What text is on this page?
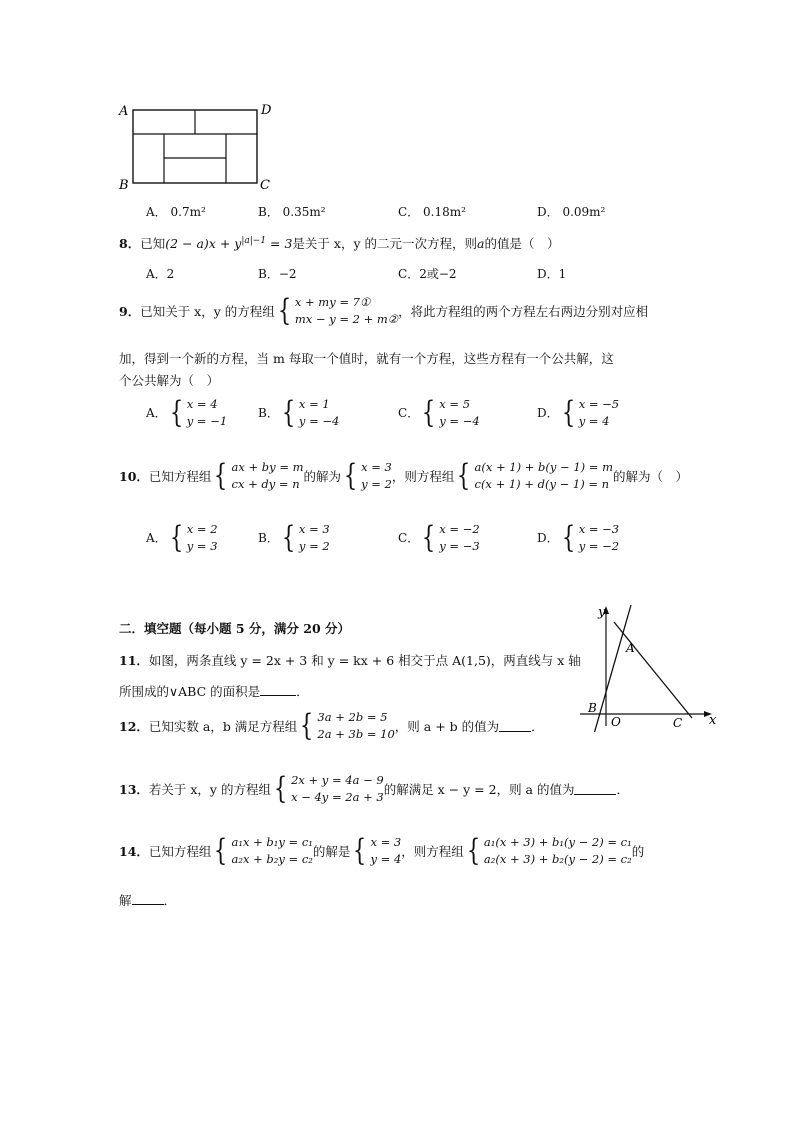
A	D
B	C
A． 0.7m²	B． 0.35m²	C． 0.18m²	D． 0.09m²
8．已知$(2 - a)x + y^{|a|-1} = 3$是关于 x，y 的二元一次方程，则a的值是（　）
A．2	B．−2	C．2或−2	D．1
9． 已知关于 x，y 的方程组 { x + my = 7①
mx − y = 2 + m② ，将此方程组的两个方程左右两边分别对应相
加，得到一个新的方程，当 m 每取一个值时，就有一个方程，这些方程有一个公共解，这
个公共解为（　）
A． { x = 4
y = −1
B． { x = 1
y = −4
C． { x = 5
y = −4
D． { x = −5
y = 4
10． 已知方程组 { ax + by = m
cx + dy = n 的解为 { x = 3
y = 2 ，则方程组 { a(x + 1) + b(y − 1) = m
c(x + 1) + d(y − 1) = n 的解为（　）
A． { x = 2
y = 3
B． { x = 3
y = 2
C． { x = −2
y = −3
D． { x = −3
y = −2
二．填空题（每小题 5 分，满分 20 分）
y
x
A
B
O	C
11．如图，两条直线 y = 2x + 3 和 y = kx + 6 相交于点 A(1,5)，两直线与 x 轴
所围成的∨ABC 的面积是	．
12． 已知实数 a，b 满足方程组 { 3a + 2b = 5
2a + 3b = 10 ，则 a + b 的值为	．
13． 若关于 x，y 的方程组 { 2x + y = 4a − 9
x − 4y = 2a + 3 的解满足 x − y = 2，则 a 的值为	．
14． 已知方程组 { a₁x + b₁y = c₁
a₂x + b₂y = c₂ 的解是 { x = 3
y = 4 ，则方程组 { a₁(x + 3) + b₁(y − 2) = c₁
a₂(x + 3) + b₂(y − 2) = c₂ 的
解	．
